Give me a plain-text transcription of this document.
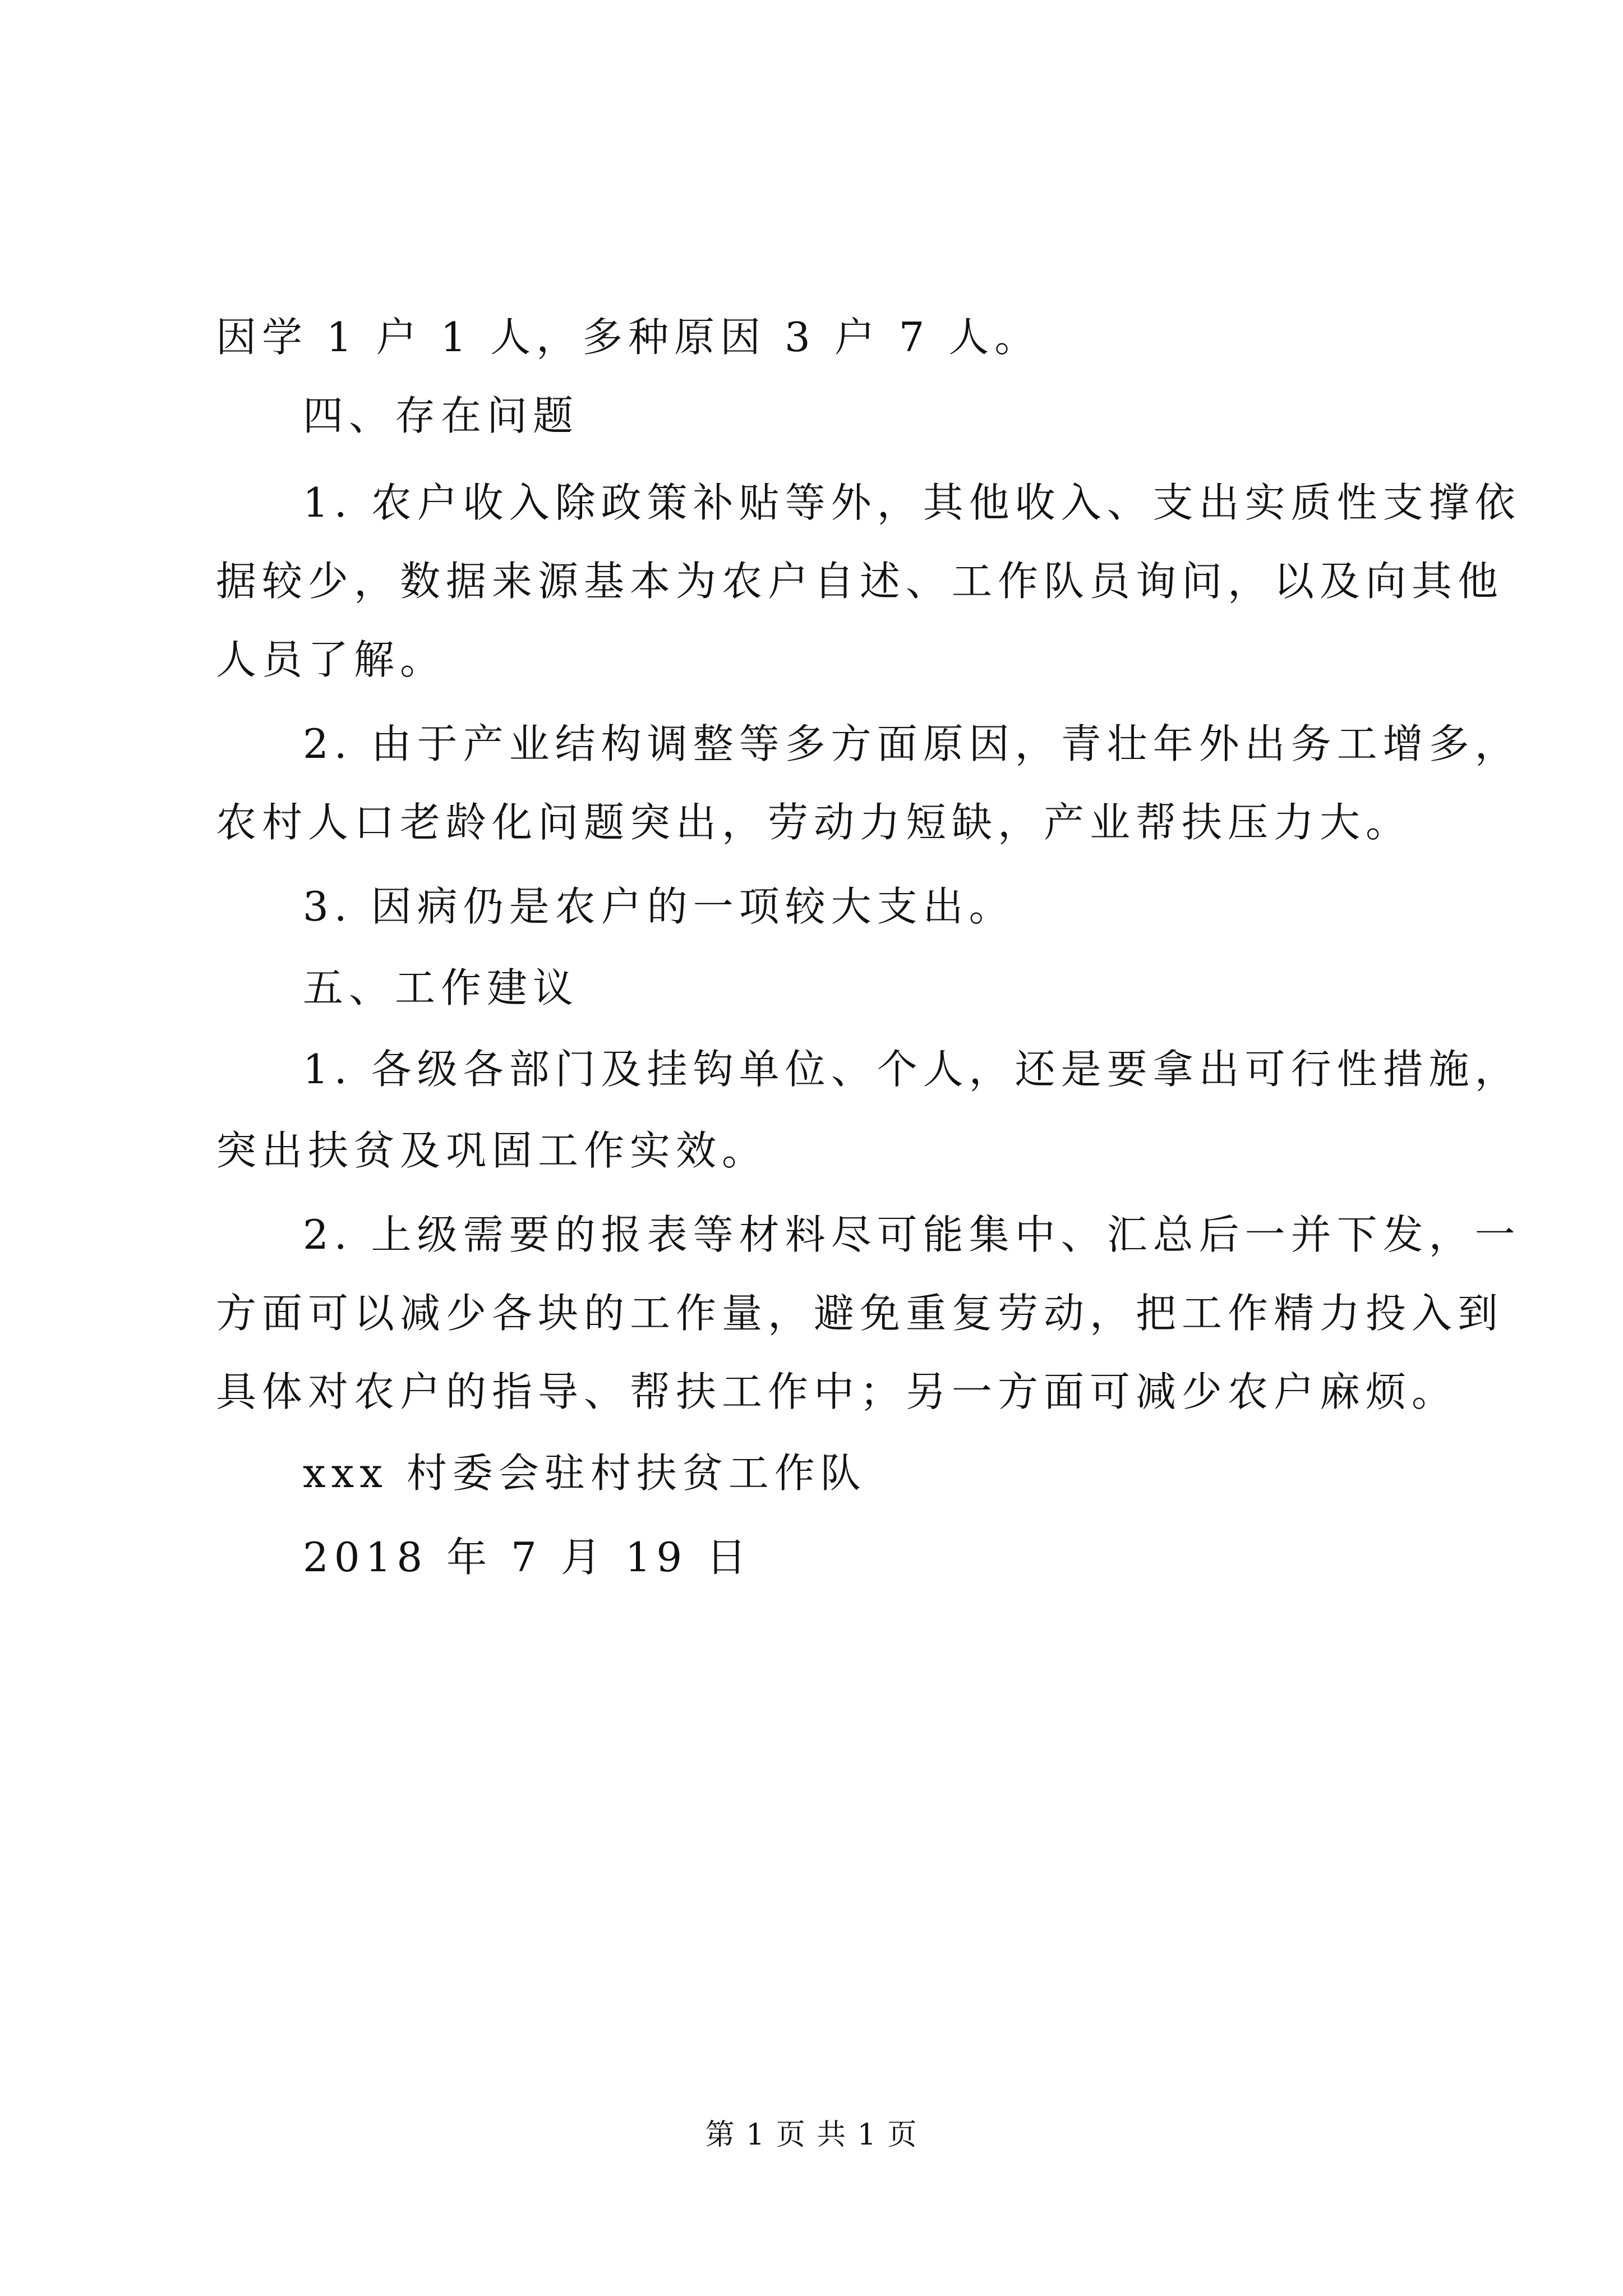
因学 1 户 1 人，多种原因 3 户 7 人。
四、存在问题
1. 农户收入除政策补贴等外，其他收入、支出实质性支撑依
据较少，数据来源基本为农户自述、工作队员询问，以及向其他
人员了解。
2. 由于产业结构调整等多方面原因，青壮年外出务工增多，
农村人口老龄化问题突出，劳动力短缺，产业帮扶压力大。
3. 因病仍是农户的一项较大支出。
五、工作建议
1. 各级各部门及挂钩单位、个人，还是要拿出可行性措施，
突出扶贫及巩固工作实效。
2. 上级需要的报表等材料尽可能集中、汇总后一并下发，一
方面可以减少各块的工作量，避免重复劳动，把工作精力投入到
具体对农户的指导、帮扶工作中；另一方面可减少农户麻烦。
xxx 村委会驻村扶贫工作队
2018 年 7 月 19 日
第 1 页 共 1 页
